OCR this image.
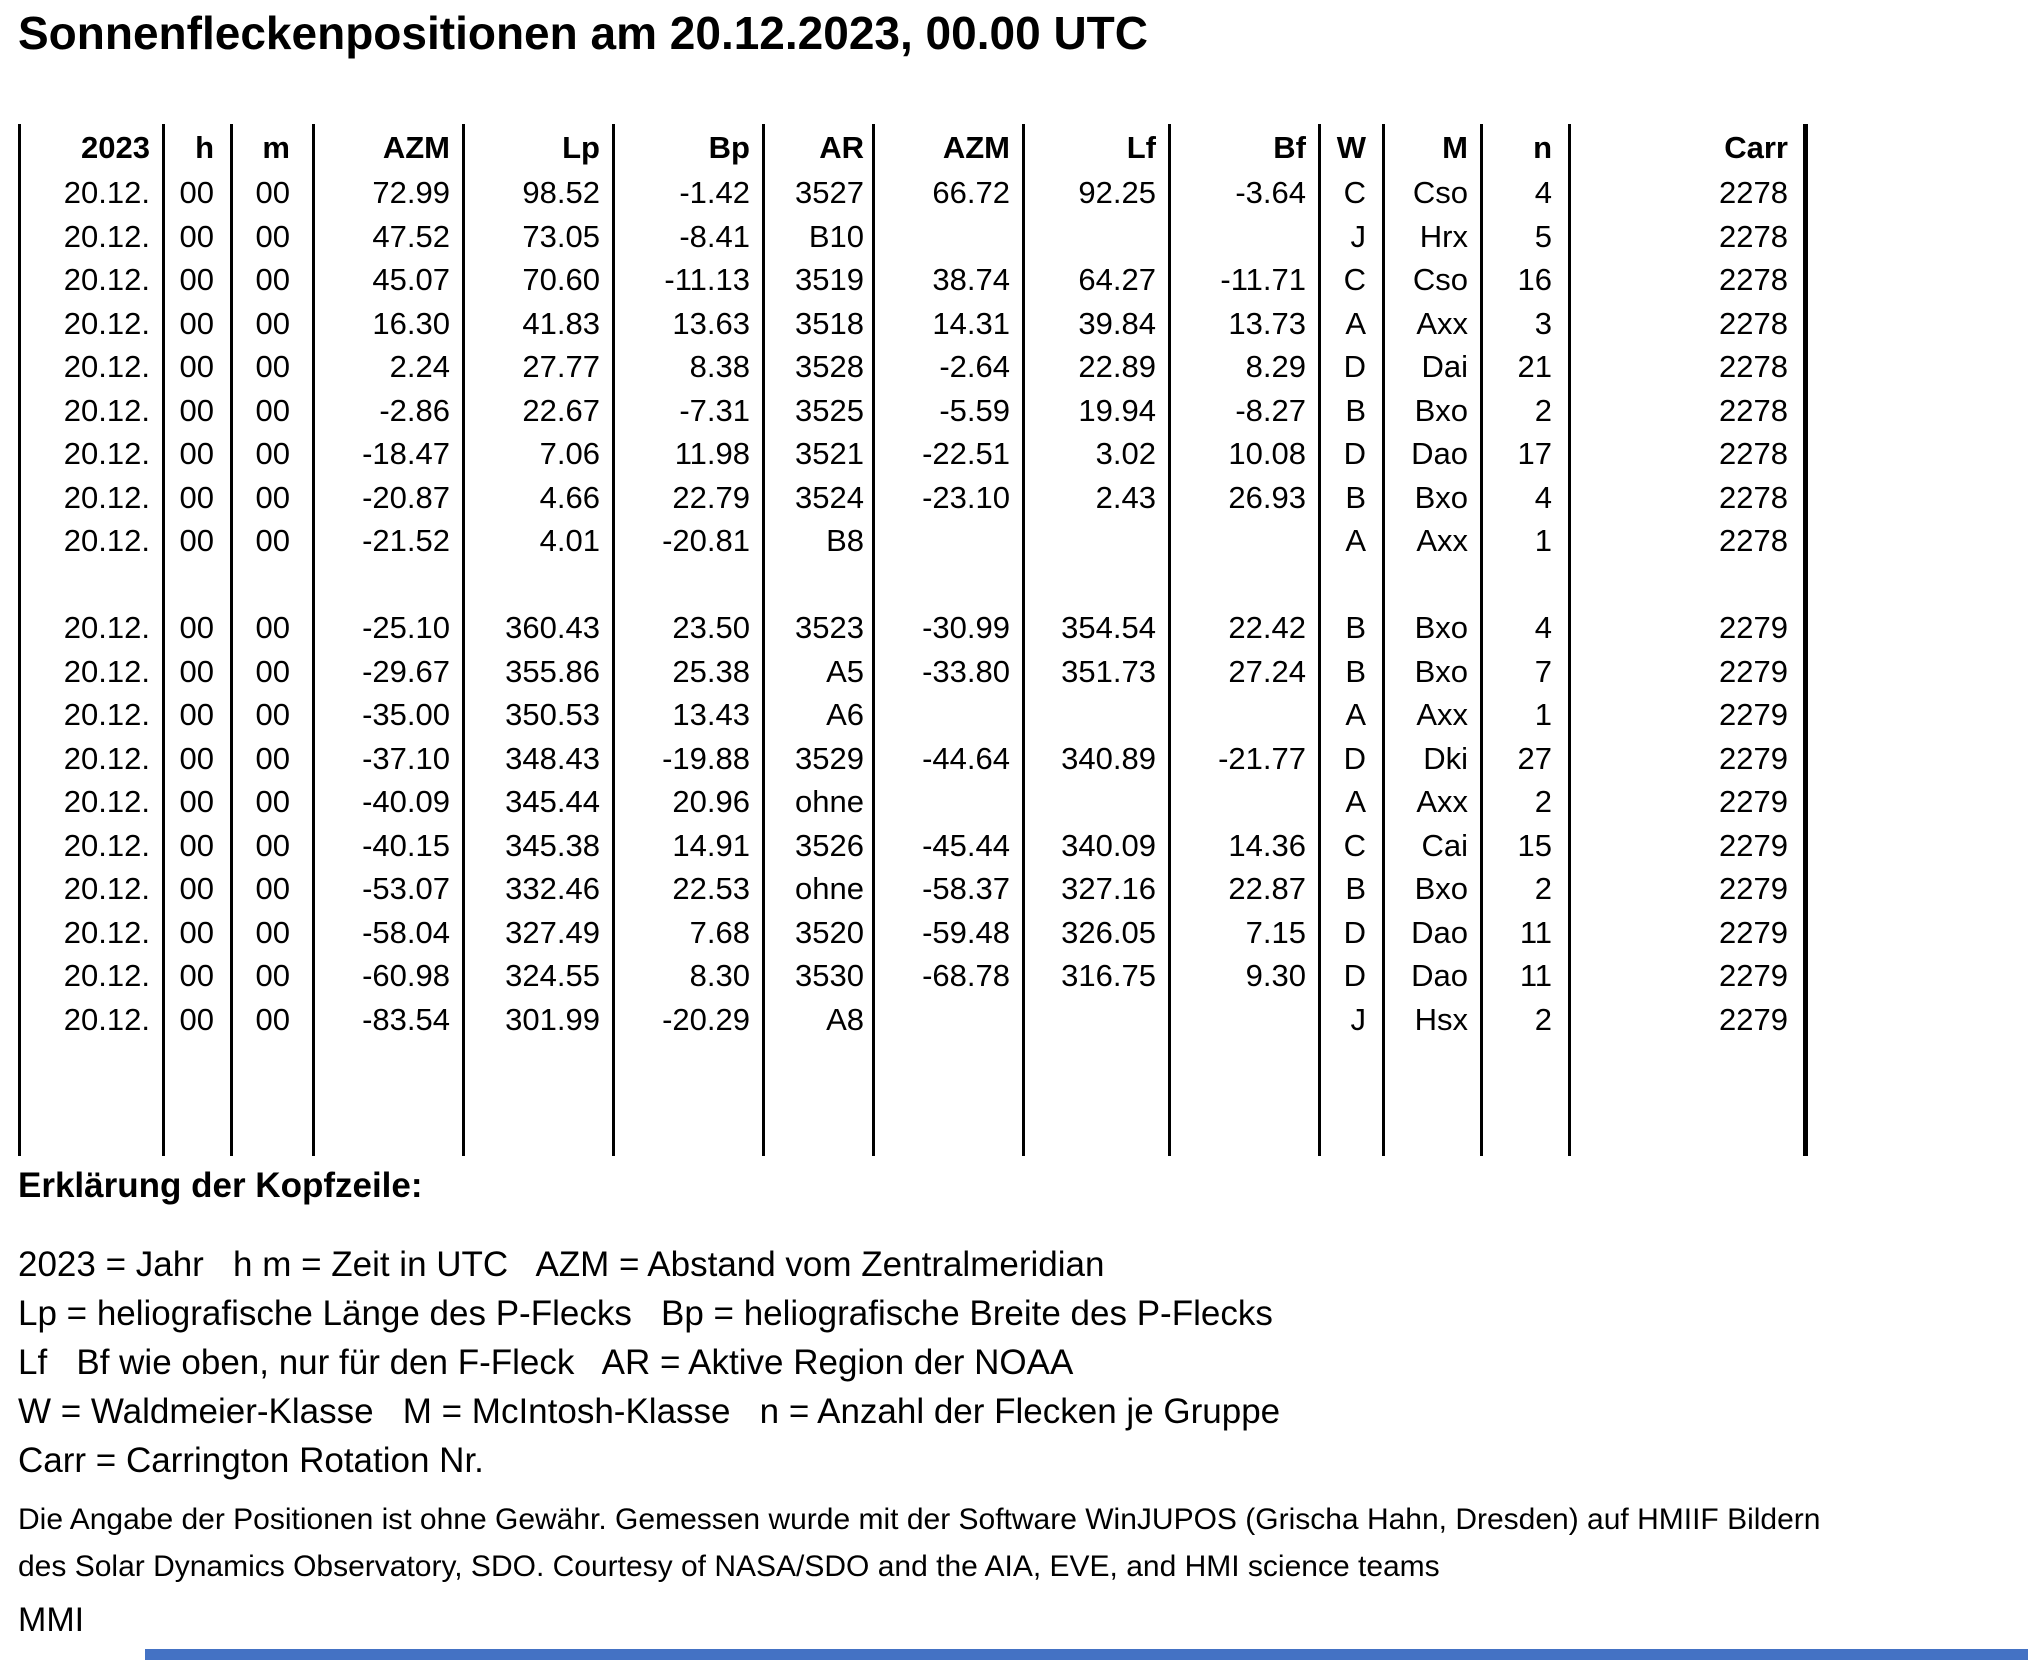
Sonnenfleckenpositionen am 20.12.2023, 00.00 UTC
2023
20.12.
20.12.
20.12.
20.12.
20.12.
20.12.
20.12.
20.12.
20.12.
20.12.
20.12.
20.12.
20.12.
20.12.
20.12.
20.12.
20.12.
20.12.
20.12.
h
00
00
00
00
00
00
00
00
00
00
00
00
00
00
00
00
00
00
00
m
00
00
00
00
00
00
00
00
00
00
00
00
00
00
00
00
00
00
00
AZM
72.99
47.52
45.07
16.30
2.24
-2.86
-18.47
-20.87
-21.52
-25.10
-29.67
-35.00
-37.10
-40.09
-40.15
-53.07
-58.04
-60.98
-83.54
Lp
98.52
73.05
70.60
41.83
27.77
22.67
7.06
4.66
4.01
360.43
355.86
350.53
348.43
345.44
345.38
332.46
327.49
324.55
301.99
Bp
-1.42
-8.41
-11.13
13.63
8.38
-7.31
11.98
22.79
-20.81
23.50
25.38
13.43
-19.88
20.96
14.91
22.53
7.68
8.30
-20.29
AR
3527
B10
3519
3518
3528
3525
3521
3524
B8
3523
A5
A6
3529
ohne
3526
ohne
3520
3530
A8
AZM
66.72
38.74
14.31
-2.64
-5.59
-22.51
-23.10
-30.99
-33.80
-44.64
-45.44
-58.37
-59.48
-68.78
Lf
92.25
64.27
39.84
22.89
19.94
3.02
2.43
354.54
351.73
340.89
340.09
327.16
326.05
316.75
Bf
-3.64
-11.71
13.73
8.29
-8.27
10.08
26.93
22.42
27.24
-21.77
14.36
22.87
7.15
9.30
W
C
J
C
A
D
B
D
B
A
B
B
A
D
A
C
B
D
D
J
M
Cso
Hrx
Cso
Axx
Dai
Bxo
Dao
Bxo
Axx
Bxo
Bxo
Axx
Dki
Axx
Cai
Bxo
Dao
Dao
Hsx
n
4
5
16
3
21
2
17
4
1
4
7
1
27
2
15
2
11
11
2
Carr
2278
2278
2278
2278
2278
2278
2278
2278
2278
2279
2279
2279
2279
2279
2279
2279
2279
2279
2279
Erklärung der Kopfzeile:
2023 = Jahr   h m = Zeit in UTC   AZM = Abstand vom Zentralmeridian
Lp = heliografische Länge des P-Flecks   Bp = heliografische Breite des P-Flecks
Lf   Bf wie oben, nur für den F-Fleck   AR = Aktive Region der NOAA
W = Waldmeier-Klasse   M = McIntosh-Klasse   n = Anzahl der Flecken je Gruppe
Carr = Carrington Rotation Nr.
Die Angabe der Positionen ist ohne Gewähr. Gemessen wurde mit der Software WinJUPOS (Grischa Hahn, Dresden) auf HMIIF Bildern
des Solar Dynamics Observatory, SDO. Courtesy of NASA/SDO and the AIA, EVE, and HMI science teams
MMI
